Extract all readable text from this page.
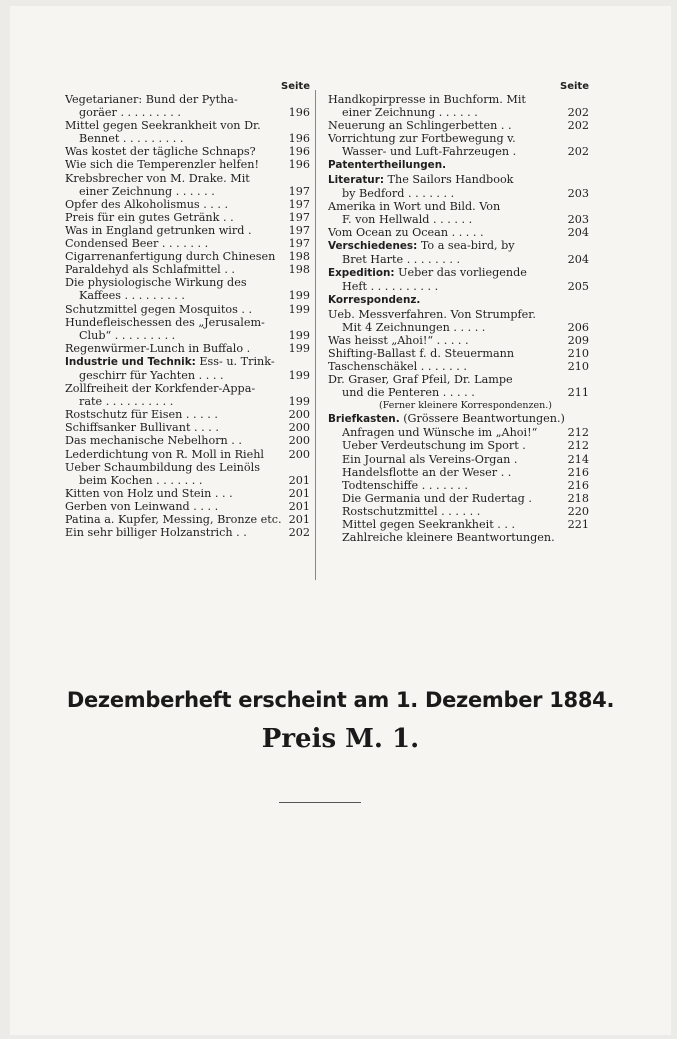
Seite
Vegetarianer: Bund der Pytha-
goräer . . . . . . . . .	196
Mittel gegen Seekrankheit von Dr.
Bennet . . . . . . . . .	196
Was kostet der tägliche Schnaps?	196
Wie sich die Temperenzler helfen!	196
Krebsbrecher von M. Drake. Mit
einer Zeichnung . . . . . .	197
Opfer des Alkoholismus . . . .	197
Preis für ein gutes Getränk . .	197
Was in England getrunken wird .	197
Condensed Beer . . . . . . .	197
Cigarrenanfertigung durch Chinesen	198
Paraldehyd als Schlafmittel . .	198
Die physiologische Wirkung des
Kaffees . . . . . . . . .	199
Schutzmittel gegen Mosquitos . .	199
Hundefleischessen des „Jerusalem-
Club“ . . . . . . . . .	199
Regenwürmer-Lunch in Buffalo .	199
Industrie und Technik: Ess- u. Trink-
geschirr für Yachten . . . .	199
Zollfreiheit der Korkfender-Appa-
rate . . . . . . . . . .	199
Rostschutz für Eisen . . . . .	200
Schiffsanker Bullivant . . . .	200
Das mechanische Nebelhorn . .	200
Lederdichtung von R. Moll in Riehl	200
Ueber Schaumbildung des Leinöls
beim Kochen . . . . . . .	201
Kitten von Holz und Stein . . .	201
Gerben von Leinwand . . . .	201
Patina a. Kupfer, Messing, Bronze etc. 201
Ein sehr billiger Holzanstrich . .	202
Seite
Handkopirpresse in Buchform. Mit
einer Zeichnung . . . . . .	202
Neuerung an Schlingerbetten . .	202
Vorrichtung zur Fortbewegung v.
Wasser- und Luft-Fahrzeugen .	202
Patentertheilungen.
Literatur: The Sailors Handbook
by Bedford . . . . . . .	203
Amerika in Wort und Bild. Von
F. von Hellwald . . . . . .	203
Vom Ocean zu Ocean . . . . .	204
Verschiedenes: To a sea-bird, by
Bret Harte . . . . . . . .	204
Expedition: Ueber das vorliegende
Heft . . . . . . . . . .	205
Korrespondenz.
Ueb. Messverfahren. Von Strumpfer.
Mit 4 Zeichnungen . . . . .	206
Was heisst „Ahoi!“ . . . . .	209
Shifting-Ballast f. d. Steuermann	210
Taschenschäkel . . . . . . .	210
Dr. Graser, Graf Pfeil, Dr. Lampe
und die Penteren . . . . .	211
(Ferner kleinere Korrespondenzen.)
Briefkasten. (Grössere Beantwortungen.)
Anfragen und Wünsche im „Ahoi!“	212
Ueber Verdeutschung im Sport .	212
Ein Journal als Vereins-Organ .	214
Handelsflotte an der Weser . .	216
Todtenschiffe . . . . . . .	216
Die Germania und der Rudertag .	218
Rostschutzmittel . . . . . .	220
Mittel gegen Seekrankheit . . .	221
Zahlreiche kleinere Beantwortungen.
Dezemberheft erscheint am 1. Dezember 1884.
Preis M. 1.
